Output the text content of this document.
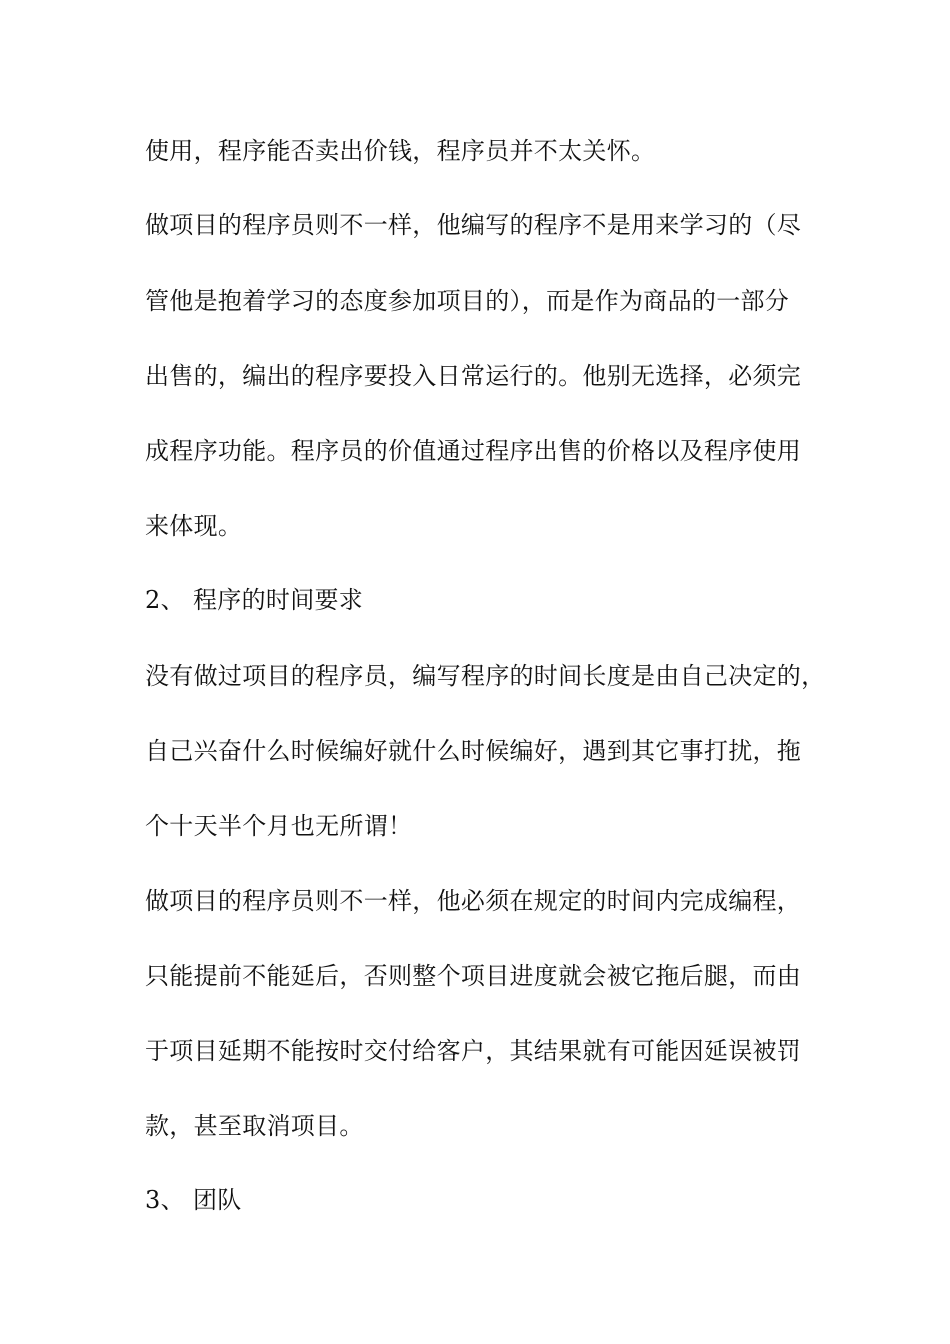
使用，程序能否卖出价钱，程序员并不太关怀。
做项目的程序员则不一样，他编写的程序不是用来学习的（尽
管他是抱着学习的态度参加项目的），而是作为商品的一部分
出售的，编出的程序要投入日常运行的。他别无选择，必须完
成程序功能。程序员的价值通过程序出售的价格以及程序使用
来体现。
2、 程序的时间要求
没有做过项目的程序员，编写程序的时间长度是由自己决定的，
自己兴奋什么时候编好就什么时候编好，遇到其它事打扰，拖
个十天半个月也无所谓！
做项目的程序员则不一样，他必须在规定的时间内完成编程，
只能提前不能延后，否则整个项目进度就会被它拖后腿，而由
于项目延期不能按时交付给客户，其结果就有可能因延误被罚
款，甚至取消项目。
3、 团队
